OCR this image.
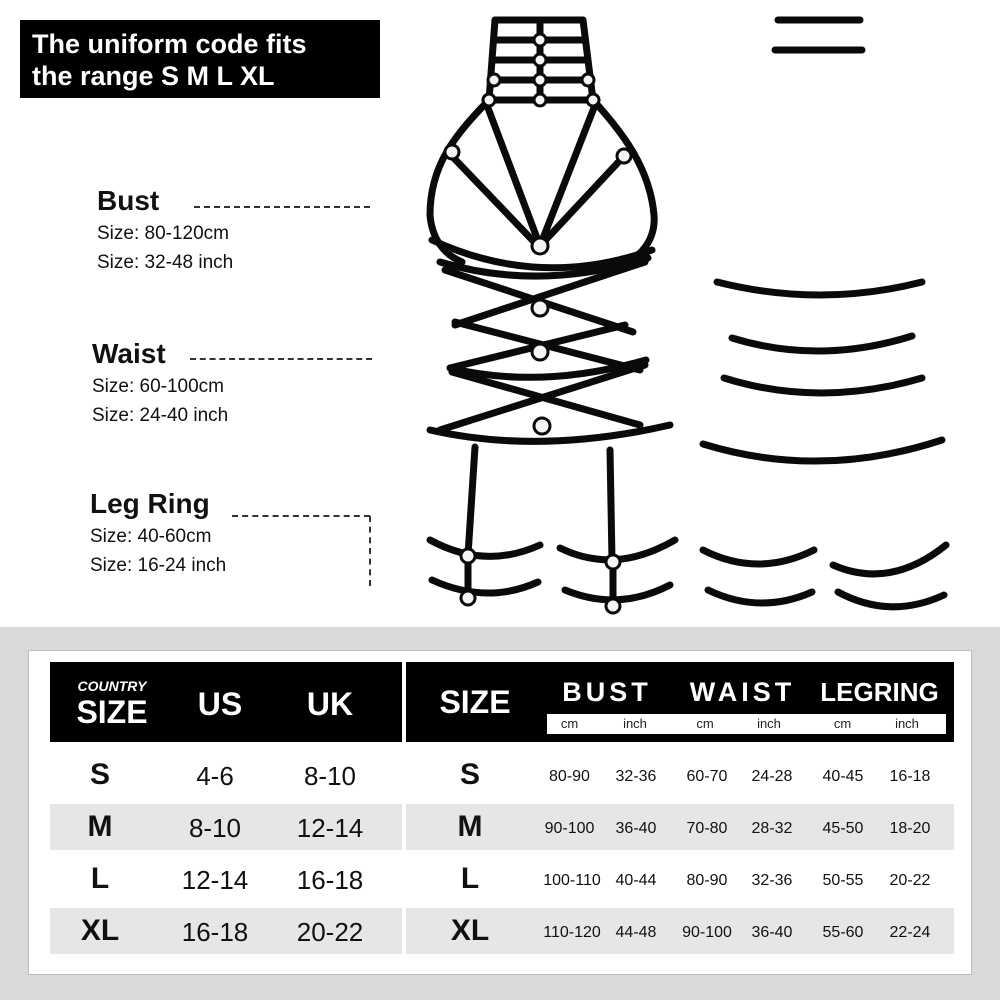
The uniform code fits
the range S M L XL
Bust
Size: 80-120cm
Size: 32-48 inch
Waist
Size: 60-100cm
Size: 24-40 inch
Leg Ring
Size: 40-60cm
Size: 16-24 inch
COUNTRY
SIZE	US	UK	SIZE	BUST	WAIST LEGRING
cm	inch	cm	inch	cm	inch
S	4-6	8-10	S	80-90	32-36	60-70	24-28	40-45	16-18
M	8-10	12-14	M	90-100	36-40	70-80	28-32	45-50	18-20
L	12-14	16-18	L	100-110 40-44	80-90	32-36	50-55	20-22
XL	16-18	20-22	XL	110-120 44-48	90-100	36-40	55-60	22-24
